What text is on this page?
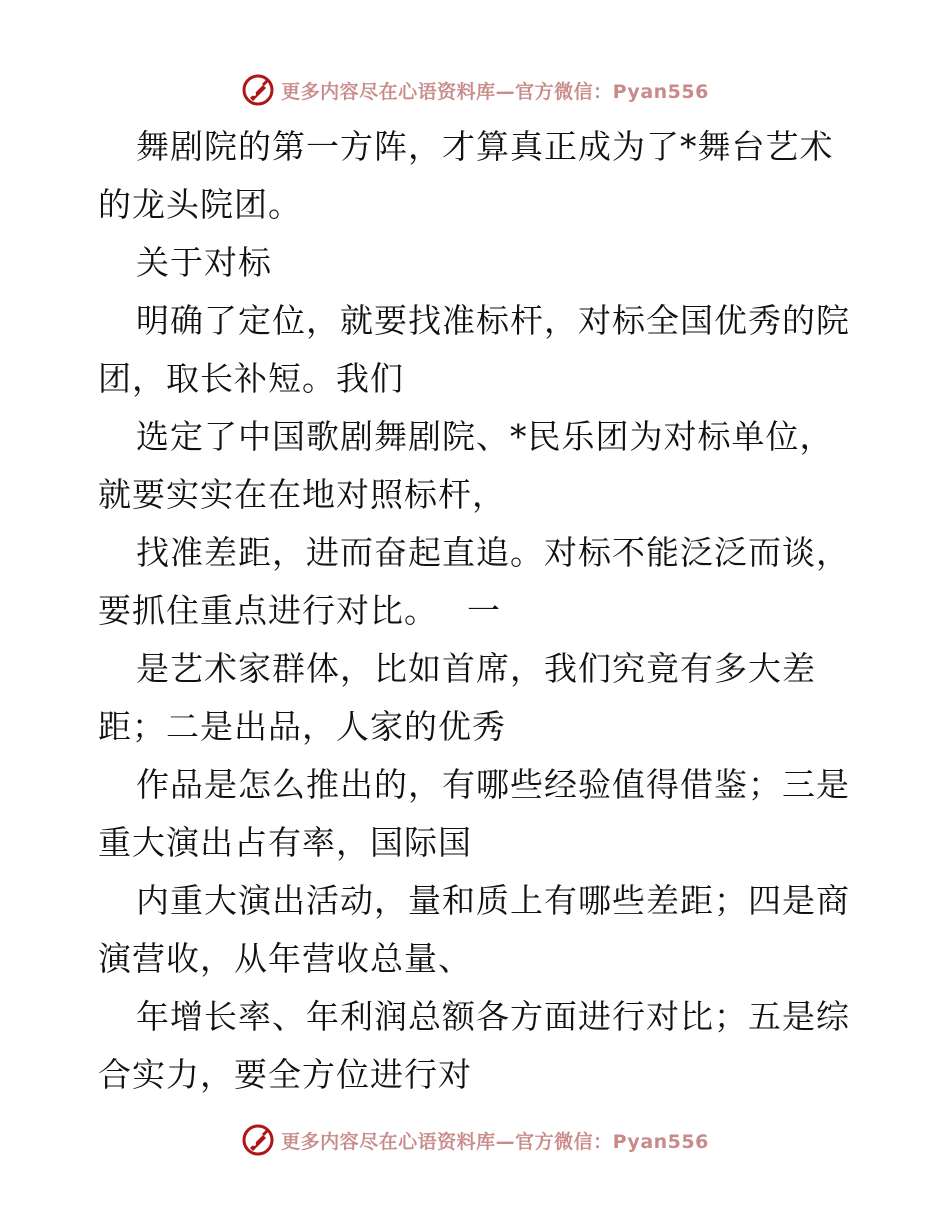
更多内容尽在心语资料库—官方微信：Pyan556

舞剧院的第一方阵，才算真正成为了*舞台艺术

的龙头院团。

关于对标

明确了定位，就要找准标杆，对标全国优秀的院

团，取长补短。我们

选定了中国歌剧舞剧院、*民乐团为对标单位，

就要实实在在地对照标杆，

找准差距，进而奋起直追。对标不能泛泛而谈，

要抓住重点进行对比。　 一

是艺术家群体，比如首席，我们究竟有多大差

距；二是出品，人家的优秀

作品是怎么推出的，有哪些经验值得借鉴；三是

重大演出占有率，国际国

内重大演出活动，量和质上有哪些差距；四是商

演营收，从年营收总量、

年增长率、年利润总额各方面进行对比；五是综

合实力，要全方位进行对

更多内容尽在心语资料库—官方微信：Pyan556
